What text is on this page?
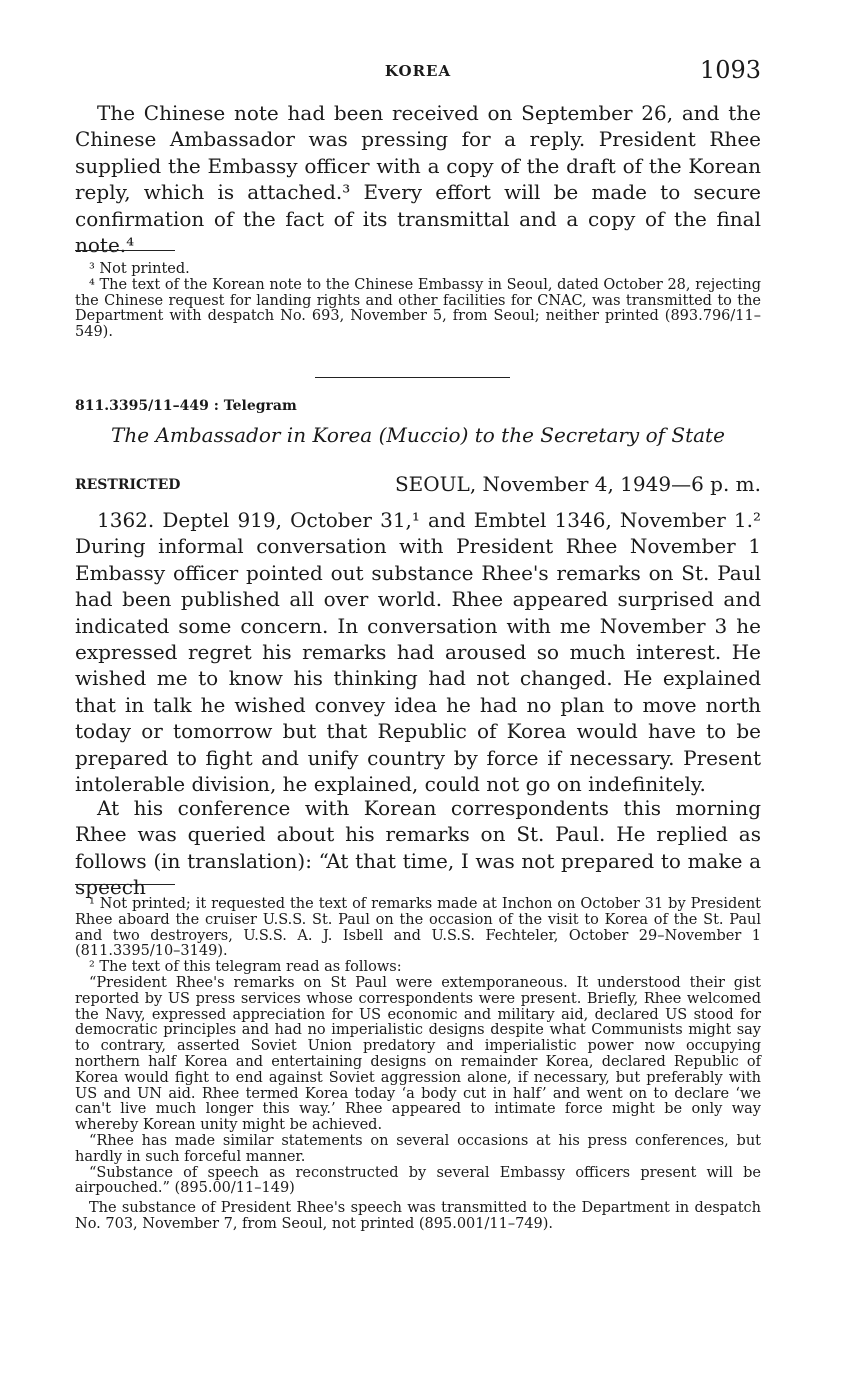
KOREA	1093

The Chinese note had been received on September 26, and the Chinese Ambassador was pressing for a reply. President Rhee supplied the Embassy officer with a copy of the draft of the Korean reply, which is attached.³ Every effort will be made to secure confirmation of the fact of its transmittal and a copy of the final note.⁴

³ Not printed.

⁴ The text of the Korean note to the Chinese Embassy in Seoul, dated October 28, rejecting the Chinese request for landing rights and other facilities for CNAC, was transmitted to the Department with despatch No. 693, November 5, from Seoul; neither printed (893.796/11–549).

811.3395/11–449 : Telegram
The Ambassador in Korea (Muccio) to the Secretary of State
RESTRICTED	SEOUL, November 4, 1949—6 p. m.

1362. Deptel 919, October 31,¹ and Embtel 1346, November 1.² During informal conversation with President Rhee November 1 Embassy officer pointed out substance Rhee's remarks on St. Paul had been published all over world. Rhee appeared surprised and indicated some concern. In conversation with me November 3 he expressed regret his remarks had aroused so much interest. He wished me to know his thinking had not changed. He explained that in talk he wished convey idea he had no plan to move north today or tomorrow but that Republic of Korea would have to be prepared to fight and unify country by force if necessary. Present intolerable division, he explained, could not go on indefinitely.

At his conference with Korean correspondents this morning Rhee was queried about his remarks on St. Paul. He replied as follows (in translation): “At that time, I was not prepared to make a speech

¹ Not printed; it requested the text of remarks made at Inchon on October 31 by President Rhee aboard the cruiser U.S.S. St. Paul on the occasion of the visit to Korea of the St. Paul and two destroyers, U.S.S. A. J. Isbell and U.S.S. Fechteler, October 29–November 1 (811.3395/10–3149).

² The text of this telegram read as follows:

“President Rhee's remarks on St Paul were extemporaneous. It understood their gist reported by US press services whose correspondents were present. Briefly, Rhee welcomed the Navy, expressed appreciation for US economic and military aid, declared US stood for democratic principles and had no imperialistic designs despite what Communists might say to contrary, asserted Soviet Union predatory and imperialistic power now occupying northern half Korea and entertaining designs on remainder Korea, declared Republic of Korea would fight to end against Soviet aggression alone, if necessary, but preferably with US and UN aid. Rhee termed Korea today ‘a body cut in half’ and went on to declare ‘we can't live much longer this way.’ Rhee appeared to intimate force might be only way whereby Korean unity might be achieved.

“Rhee has made similar statements on several occasions at his press conferences, but hardly in such forceful manner.

“Substance of speech as reconstructed by several Embassy officers present will be airpouched.” (895.00/11–149)

The substance of President Rhee's speech was transmitted to the Department in despatch No. 703, November 7, from Seoul, not printed (895.001/11–749).
